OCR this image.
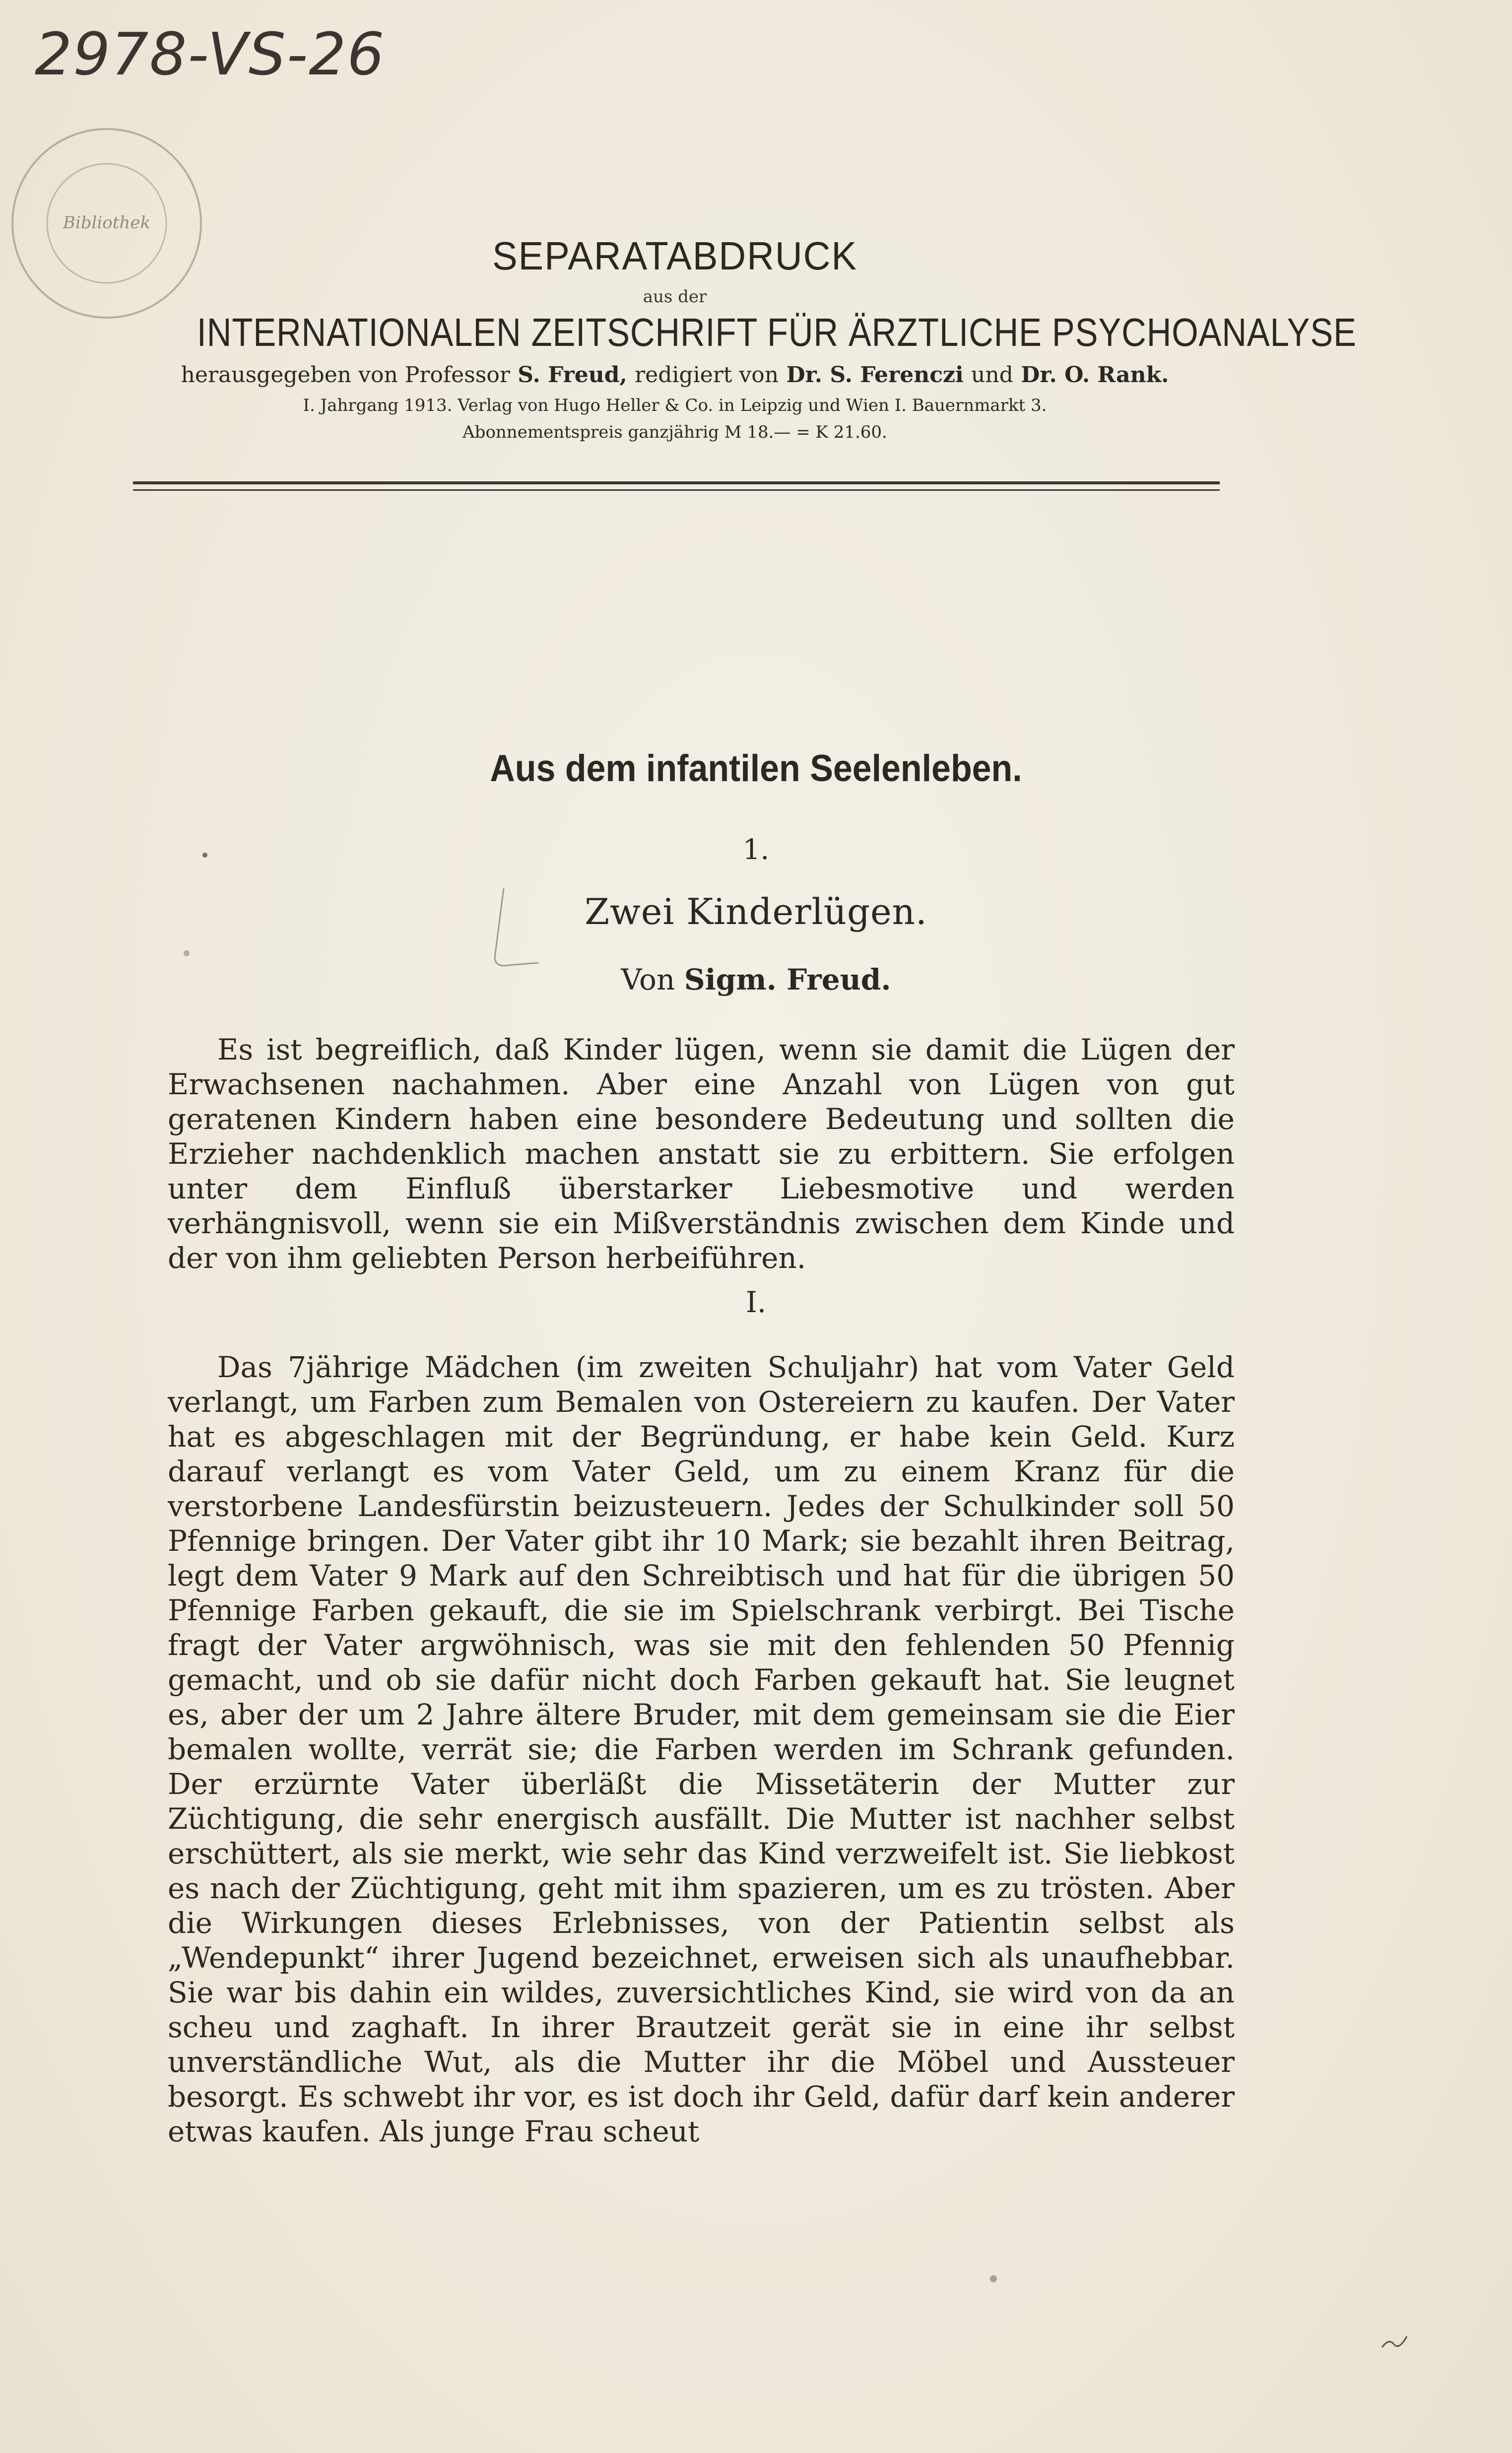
2978-VS-26
Bibliothek
SEPARATABDRUCK
aus der
INTERNATIONALEN ZEITSCHRIFT FÜR ÄRZTLICHE PSYCHOANALYSE
herausgegeben von Professor S. Freud, redigiert von Dr. S. Ferenczi und Dr. O. Rank.
I. Jahrgang 1913. Verlag von Hugo Heller & Co. in Leipzig und Wien I. Bauernmarkt 3.
Abonnementspreis ganzjährig M 18.— = K 21.60.
Aus dem infantilen Seelenleben.
1.
Zwei Kinderlügen.
Von Sigm. Freud.
Es ist begreiflich, daß Kinder lügen, wenn sie damit die Lügen der Erwachsenen nachahmen. Aber eine Anzahl von Lügen von gut geratenen Kindern haben eine besondere Bedeutung und sollten die Erzieher nachdenklich machen anstatt sie zu erbittern. Sie erfolgen unter dem Einfluß überstarker Liebesmotive und werden verhängnisvoll, wenn sie ein Mißverständnis zwischen dem Kinde und der von ihm geliebten Person herbeiführen.
I.
Das 7jährige Mädchen (im zweiten Schuljahr) hat vom Vater Geld verlangt, um Farben zum Bemalen von Ostereiern zu kaufen. Der Vater hat es abgeschlagen mit der Begründung, er habe kein Geld. Kurz darauf verlangt es vom Vater Geld, um zu einem Kranz für die verstorbene Landesfürstin beizusteuern. Jedes der Schulkinder soll 50 Pfennige bringen. Der Vater gibt ihr 10 Mark; sie bezahlt ihren Beitrag, legt dem Vater 9 Mark auf den Schreibtisch und hat für die übrigen 50 Pfennige Farben gekauft, die sie im Spielschrank verbirgt. Bei Tische fragt der Vater argwöhnisch, was sie mit den fehlenden 50 Pfennig gemacht, und ob sie dafür nicht doch Farben gekauft hat. Sie leugnet es, aber der um 2 Jahre ältere Bruder, mit dem gemeinsam sie die Eier bemalen wollte, verrät sie; die Farben werden im Schrank gefunden. Der erzürnte Vater überläßt die Missetäterin der Mutter zur Züchtigung, die sehr energisch ausfällt. Die Mutter ist nachher selbst erschüttert, als sie merkt, wie sehr das Kind verzweifelt ist. Sie liebkost es nach der Züchtigung, geht mit ihm spazieren, um es zu trösten. Aber die Wirkungen dieses Erlebnisses, von der Patientin selbst als „Wendepunkt“ ihrer Jugend bezeichnet, erweisen sich als unaufhebbar. Sie war bis dahin ein wildes, zuversichtliches Kind, sie wird von da an scheu und zaghaft. In ihrer Brautzeit gerät sie in eine ihr selbst unverständliche Wut, als die Mutter ihr die Möbel und Aussteuer besorgt. Es schwebt ihr vor, es ist doch ihr Geld, dafür darf kein anderer etwas kaufen. Als junge Frau scheut
